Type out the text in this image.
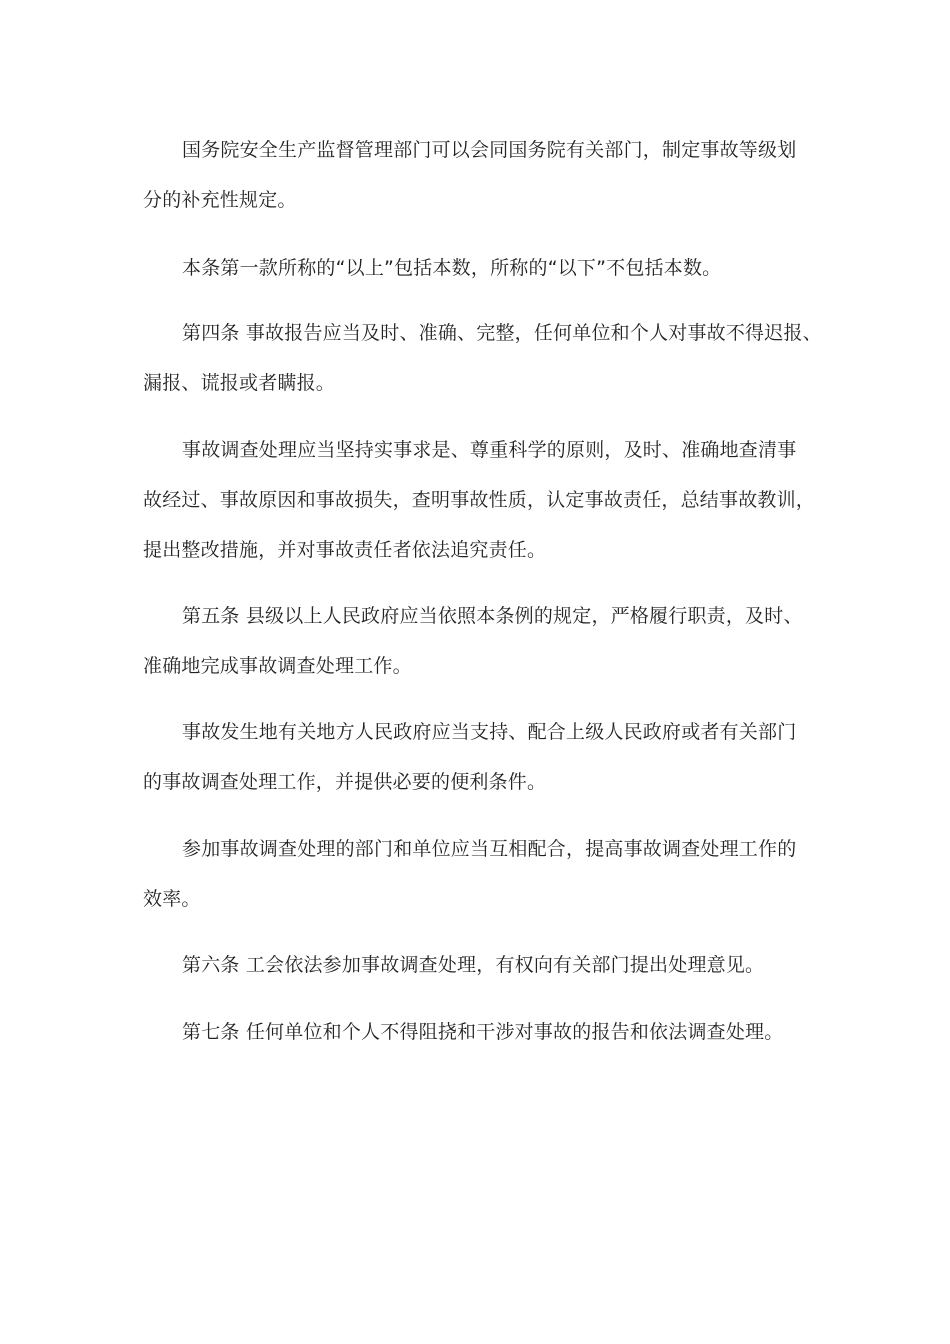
国务院安全生产监督管理部门可以会同国务院有关部门，制定事故等级划
分的补充性规定。
本条第一款所称的“以上”包括本数，所称的“以下”不包括本数。
第四条 事故报告应当及时、准确、完整，任何单位和个人对事故不得迟报、
漏报、谎报或者瞒报。
事故调查处理应当坚持实事求是、尊重科学的原则，及时、准确地查清事
故经过、事故原因和事故损失，查明事故性质，认定事故责任，总结事故教训，
提出整改措施，并对事故责任者依法追究责任。
第五条 县级以上人民政府应当依照本条例的规定，严格履行职责，及时、
准确地完成事故调查处理工作。
事故发生地有关地方人民政府应当支持、配合上级人民政府或者有关部门
的事故调查处理工作，并提供必要的便利条件。
参加事故调查处理的部门和单位应当互相配合，提高事故调查处理工作的
效率。
第六条 工会依法参加事故调查处理，有权向有关部门提出处理意见。
第七条 任何单位和个人不得阻挠和干涉对事故的报告和依法调查处理。
